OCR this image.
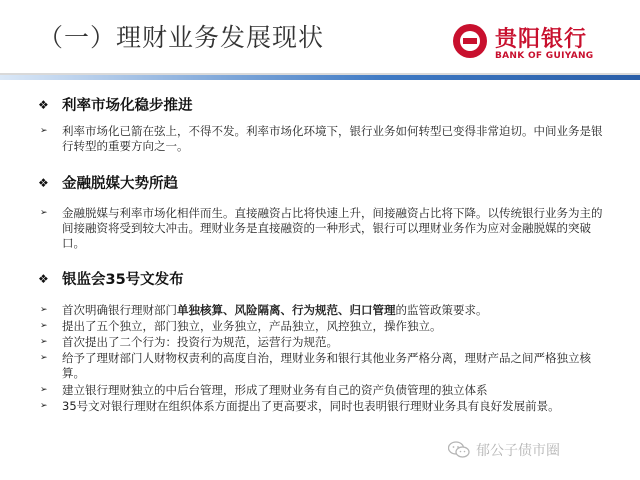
（一）理财业务发展现状	贵阳银行
BANK OF GUIYANG
❖ 利率市场化稳步推进
➢ 利率市场化已箭在弦上，不得不发。利率市场化环境下，银行业务如何转型已变得非常迫切。中间业务是银行转型的重要方向之一。
❖ 金融脱媒大势所趋
➢ 金融脱媒与利率市场化相伴而生。直接融资占比将快速上升，间接融资占比将下降。以传统银行业务为主的间接融资将受到较大冲击。理财业务是直接融资的一种形式，银行可以理财业务作为应对金融脱媒的突破口。
❖ 银监会35号文发布
➢ 首次明确银行理财部门单独核算、风险隔离、行为规范、归口管理的监管政策要求。
➢ 提出了五个独立，部门独立，业务独立，产品独立，风控独立，操作独立。
➢ 首次提出了二个行为：投资行为规范，运营行为规范。
➢ 给予了理财部门人财物权责利的高度自治，理财业务和银行其他业务严格分离，理财产品之间严格独立核算。
➢ 建立银行理财独立的中后台管理，形成了理财业务有自己的资产负债管理的独立体系
➢ 35号文对银行理财在组织体系方面提出了更高要求，同时也表明银行理财业务具有良好发展前景。
郁公子债市圈
